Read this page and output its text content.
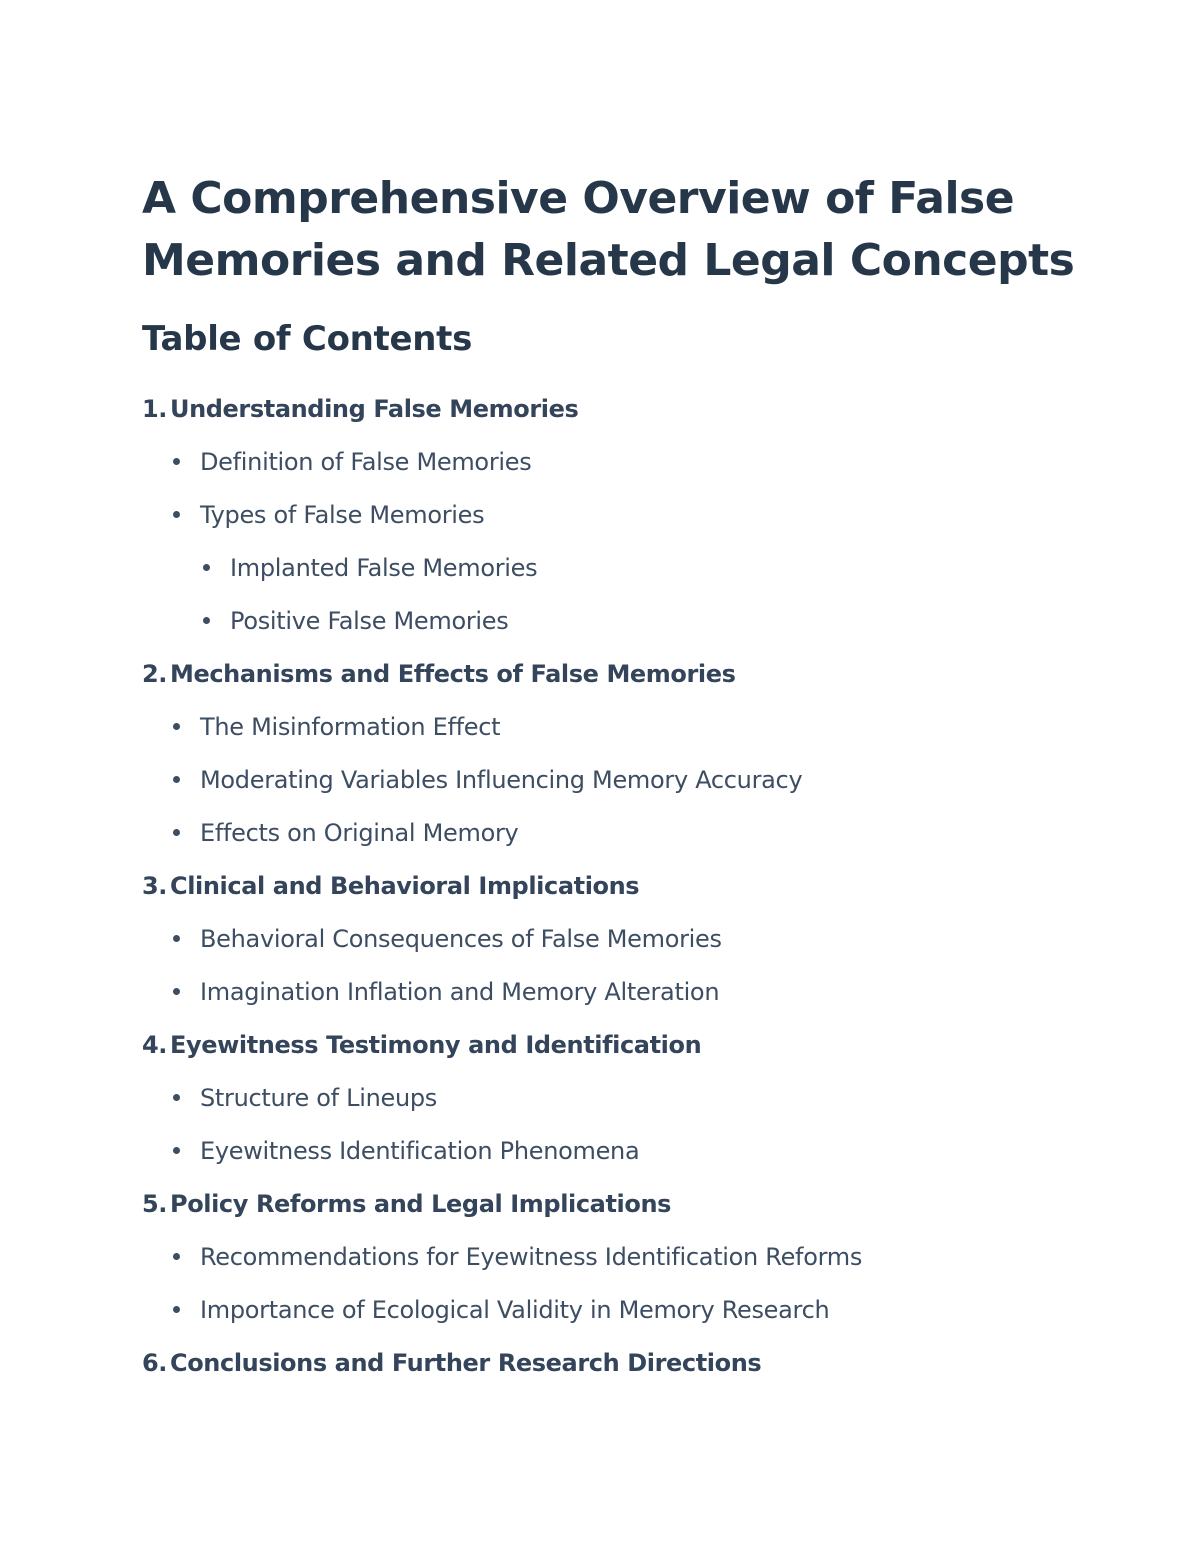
A Comprehensive Overview of False Memories and Related Legal Concepts
Table of Contents
1. Understanding False Memories
Definition of False Memories
Types of False Memories
Implanted False Memories
Positive False Memories
2. Mechanisms and Effects of False Memories
The Misinformation Effect
Moderating Variables Influencing Memory Accuracy
Effects on Original Memory
3. Clinical and Behavioral Implications
Behavioral Consequences of False Memories
Imagination Inflation and Memory Alteration
4. Eyewitness Testimony and Identification
Structure of Lineups
Eyewitness Identification Phenomena
5. Policy Reforms and Legal Implications
Recommendations for Eyewitness Identification Reforms
Importance of Ecological Validity in Memory Research
6. Conclusions and Further Research Directions
